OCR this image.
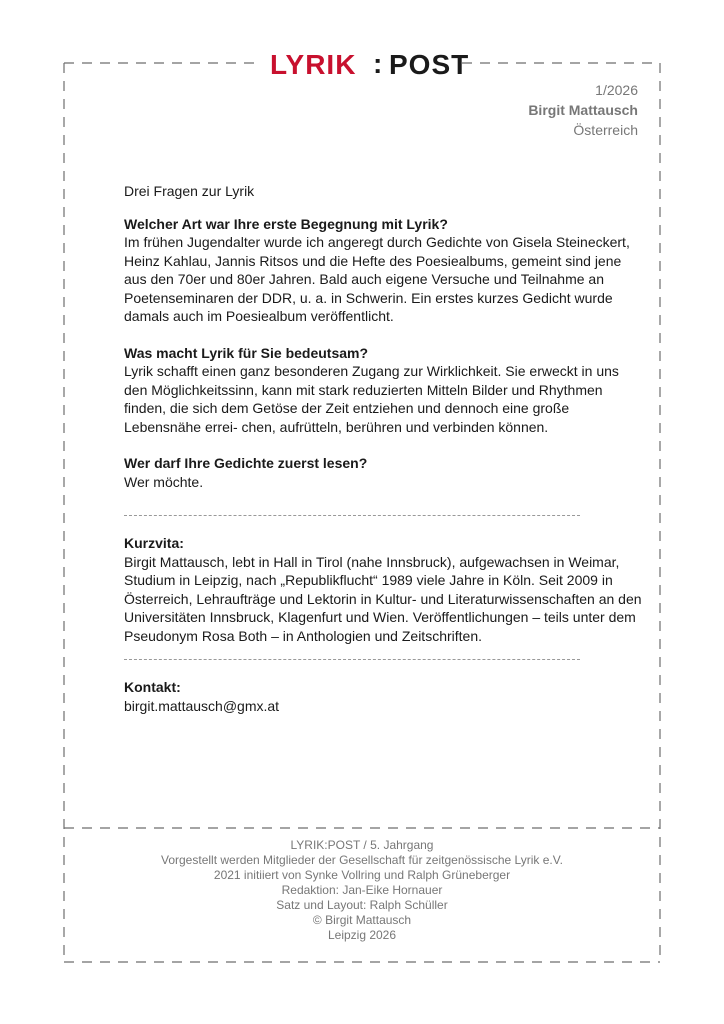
LYRIK : POST
1/2026
Birgit Mattausch
Österreich

Drei Fragen zur Lyrik

Welcher Art war Ihre erste Begegnung mit Lyrik?

Im frühen Jugendalter wurde ich angeregt durch Gedichte von Gisela Steineckert, Heinz Kahlau, Jannis Ritsos und die Hefte des Poesiealbums, gemeint sind jene aus den 70er und 80er Jahren. Bald auch eigene Versuche und Teilnahme an Poetenseminaren der DDR, u. a. in Schwerin. Ein erstes kurzes Gedicht wurde damals auch im Poesiealbum veröffentlicht.

Was macht Lyrik für Sie bedeutsam?

Lyrik schafft einen ganz besonderen Zugang zur Wirklichkeit. Sie erweckt in uns den Möglichkeitssinn, kann mit stark reduzierten Mitteln Bilder und Rhythmen finden, die sich dem Getöse der Zeit entziehen und dennoch eine große Lebensnähe errei- chen, aufrütteln, berühren und verbinden können.

Wer darf Ihre Gedichte zuerst lesen?

Wer möchte.

Kurzvita:

Birgit Mattausch, lebt in Hall in Tirol (nahe Innsbruck), aufgewachsen in Weimar, Studium in Leipzig, nach „Republikflucht“ 1989 viele Jahre in Köln. Seit 2009 in Österreich, Lehraufträge und Lektorin in Kultur- und Literaturwissenschaften an den Universitäten Innsbruck, Klagenfurt und Wien. Veröffentlichungen – teils unter dem Pseudonym Rosa Both – in Anthologien und Zeitschriften.

Kontakt:

birgit.mattausch@gmx.at

LYRIK:POST / 5. Jahrgang
Vorgestellt werden Mitglieder der Gesellschaft für zeitgenössische Lyrik e.V.
2021 initiiert von Synke Vollring und Ralph Grüneberger
Redaktion: Jan-Eike Hornauer
Satz und Layout: Ralph Schüller
© Birgit Mattausch
Leipzig 2026
